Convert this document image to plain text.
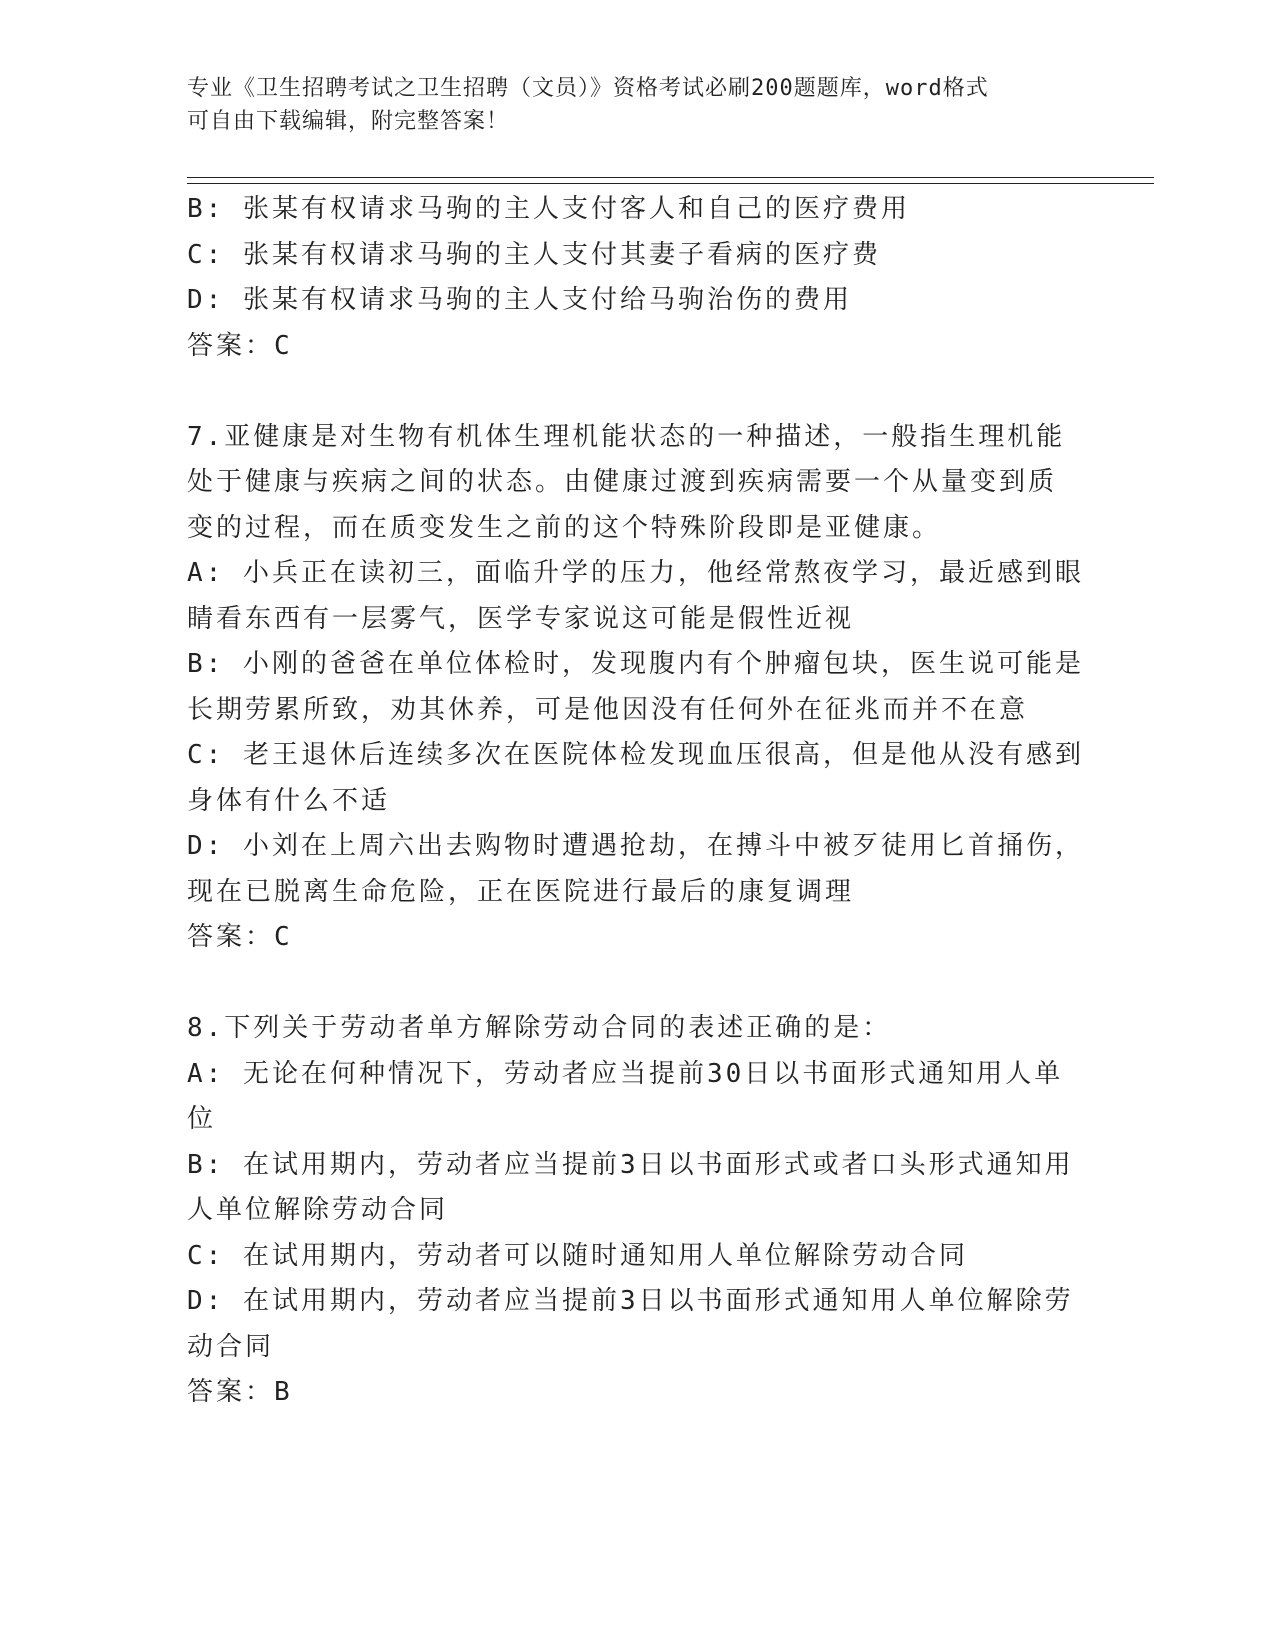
专业《卫生招聘考试之卫生招聘（文员）》资格考试必刷200题题库，word格式
可自由下载编辑，附完整答案！
B: 张某有权请求马驹的主人支付客人和自己的医疗费用
C: 张某有权请求马驹的主人支付其妻子看病的医疗费
D: 张某有权请求马驹的主人支付给马驹治伤的费用
答案：C
7.亚健康是对生物有机体生理机能状态的一种描述，一般指生理机能
处于健康与疾病之间的状态。由健康过渡到疾病需要一个从量变到质
变的过程，而在质变发生之前的这个特殊阶段即是亚健康。
A: 小兵正在读初三，面临升学的压力，他经常熬夜学习，最近感到眼
睛看东西有一层雾气，医学专家说这可能是假性近视
B: 小刚的爸爸在单位体检时，发现腹内有个肿瘤包块，医生说可能是
长期劳累所致，劝其休养，可是他因没有任何外在征兆而并不在意
C: 老王退休后连续多次在医院体检发现血压很高，但是他从没有感到
身体有什么不适
D: 小刘在上周六出去购物时遭遇抢劫，在搏斗中被歹徒用匕首捅伤，
现在已脱离生命危险，正在医院进行最后的康复调理
答案：C
8.下列关于劳动者单方解除劳动合同的表述正确的是：
A: 无论在何种情况下，劳动者应当提前30日以书面形式通知用人单
位
B: 在试用期内，劳动者应当提前3日以书面形式或者口头形式通知用
人单位解除劳动合同
C: 在试用期内，劳动者可以随时通知用人单位解除劳动合同
D: 在试用期内，劳动者应当提前3日以书面形式通知用人单位解除劳
动合同
答案：B
